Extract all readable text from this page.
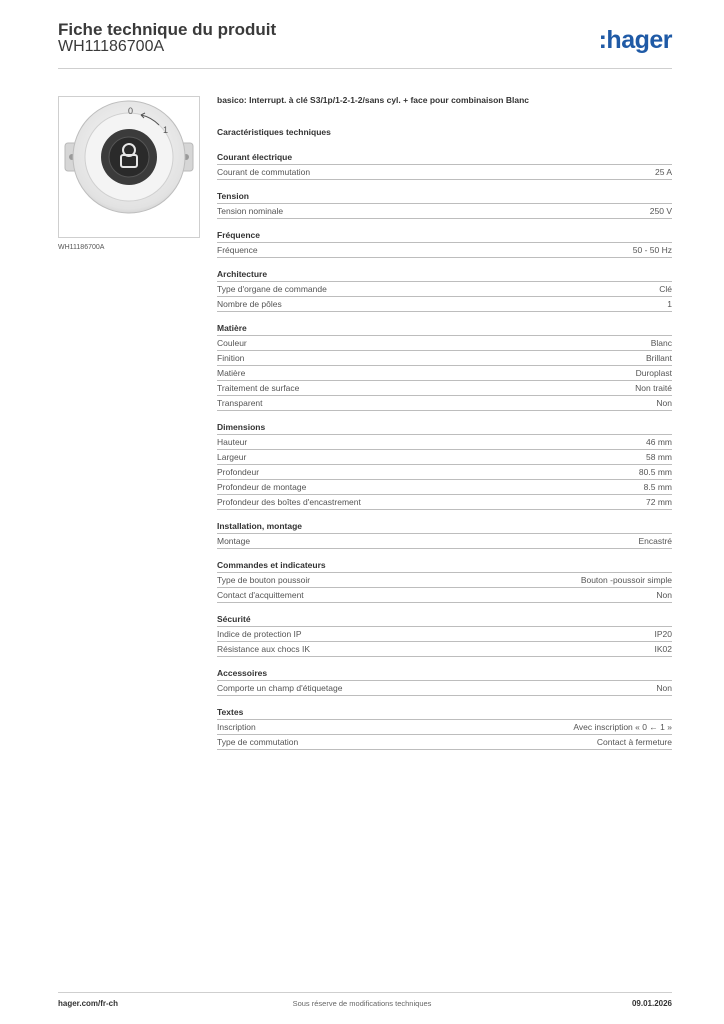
Fiche technique du produit
WH11186700A	:hager
0
1
WH11186700A

basico: Interrupt. à clé S3/1p/1-2-1-2/sans cyl. + face pour combinaison Blanc

Caractéristiques techniques

Courant électrique
Courant de commutation	25 A
Tension
Tension nominale	250 V
Fréquence
Fréquence	50 - 50 Hz
Architecture
Type d'organe de commande	Clé
Nombre de pôles	1
Matière
Couleur	Blanc
Finition	Brillant
Matière	Duroplast
Traitement de surface	Non traité
Transparent	Non
Dimensions
Hauteur	46 mm
Largeur	58 mm
Profondeur	80.5 mm
Profondeur de montage	8.5 mm
Profondeur des boîtes d'encastrement	72 mm
Installation, montage
Montage	Encastré
Commandes et indicateurs
Type de bouton poussoir	Bouton -poussoir simple
Contact d'acquittement	Non
Sécurité
Indice de protection IP	IP20
Résistance aux chocs IK	IK02
Accessoires
Comporte un champ d'étiquetage	Non
Textes
Inscription	Avec inscription « 0 ← 1 »
Type de commutation	Contact à fermeture
hager.com/fr-ch	Sous réserve de modifications techniques	09.01.2026
